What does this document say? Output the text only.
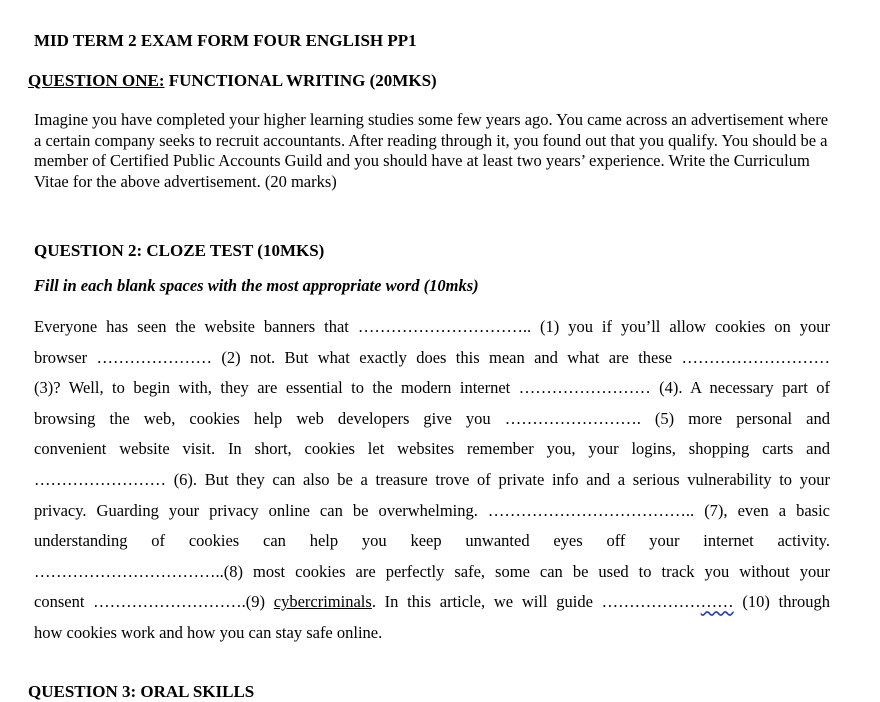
MID TERM 2 EXAM FORM FOUR ENGLISH PP1
QUESTION ONE: FUNCTIONAL WRITING (20MKS)

Imagine you have completed your higher learning studies some few years ago. You came across an advertisement where a certain company seeks to recruit accountants. After reading through it, you found out that you qualify. You should be a member of Certified Public Accounts Guild and you should have at least two years’ experience. Write the Curriculum Vitae for the above advertisement. (20 marks)

QUESTION 2: CLOZE TEST (10MKS)

Fill in each blank spaces with the most appropriate word (10mks)

Everyone has seen the website banners that ………………………….. (1) you if you’ll allow cookies on your
browser ………………… (2) not. But what exactly does this mean and what are these ………………………
(3)? Well, to begin with, they are essential to the modern internet …………………… (4). A necessary part of
browsing the web, cookies help web developers give you ……………………. (5) more personal and
convenient website visit. In short, cookies let websites remember you, your logins, shopping carts and
…………………… (6). But they can also be a treasure trove of private info and a serious vulnerability to your
privacy. Guarding your privacy online can be overwhelming. ……………………………….. (7), even a basic
understanding of cookies can help you keep unwanted eyes off your internet activity.
……………………………..(8) most cookies are perfectly safe, some can be used to track you without your
consent ……………………….(9) cybercriminals. In this article, we will guide …………………… (10) through
how cookies work and how you can stay safe online.
QUESTION 3: ORAL SKILLS
